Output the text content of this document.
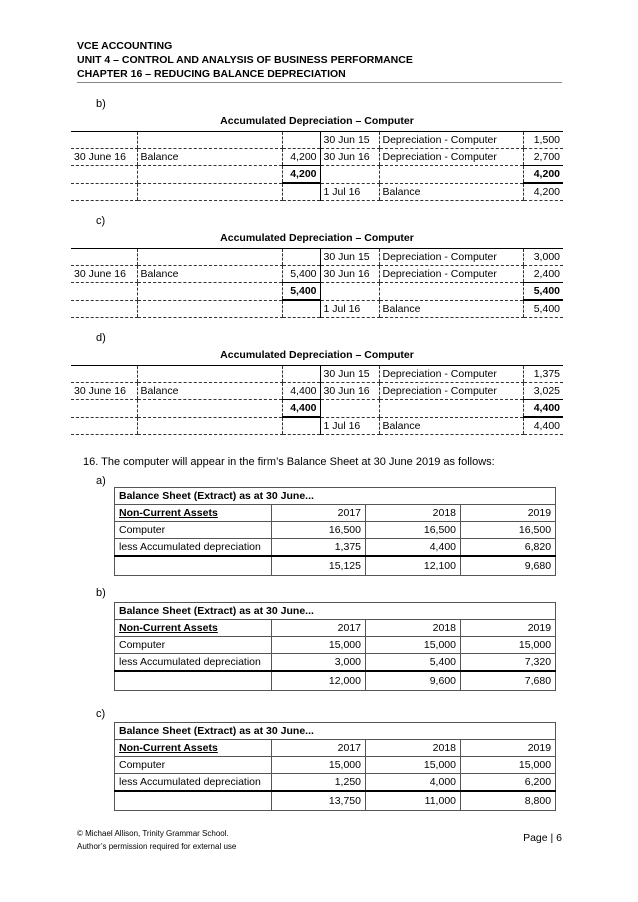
VCE ACCOUNTING
UNIT 4 – CONTROL AND ANALYSIS OF BUSINESS PERFORMANCE
CHAPTER 16 – REDUCING BALANCE DEPRECIATION
b)
Accumulated Depreciation – Computer
			30 Jun 15	Depreciation - Computer	1,500
30 June 16	Balance	4,200	30 Jun 16	Depreciation - Computer	2,700
		4,200			4,200
			1 Jul 16	Balance	4,200
c)
Accumulated Depreciation – Computer
			30 Jun 15	Depreciation - Computer	3,000
30 June 16	Balance	5,400	30 Jun 16	Depreciation - Computer	2,400
		5,400			5,400
			1 Jul 16	Balance	5,400
d)
Accumulated Depreciation – Computer
			30 Jun 15	Depreciation - Computer	1,375
30 June 16	Balance	4,400	30 Jun 16	Depreciation - Computer	3,025
		4,400			4,400
			1 Jul 16	Balance	4,400
16. The computer will appear in the firm’s Balance Sheet at 30 June 2019 as follows:
a)
Balance Sheet (Extract) as at 30 June...			
Non-Current Assets	2017	2018	2019
Computer	16,500	16,500	16,500
less Accumulated depreciation	1,375	4,400	6,820
	15,125	12,100	9,680
b)
Balance Sheet (Extract) as at 30 June...			
Non-Current Assets	2017	2018	2019
Computer	15,000	15,000	15,000
less Accumulated depreciation	3,000	5,400	7,320
	12,000	9,600	7,680
c)
Balance Sheet (Extract) as at 30 June...			
Non-Current Assets	2017	2018	2019
Computer	15,000	15,000	15,000
less Accumulated depreciation	1,250	4,000	6,200
	13,750	11,000	8,800
© Michael Allison, Trinity Grammar School.
Author’s permission required for external use
Page | 6
